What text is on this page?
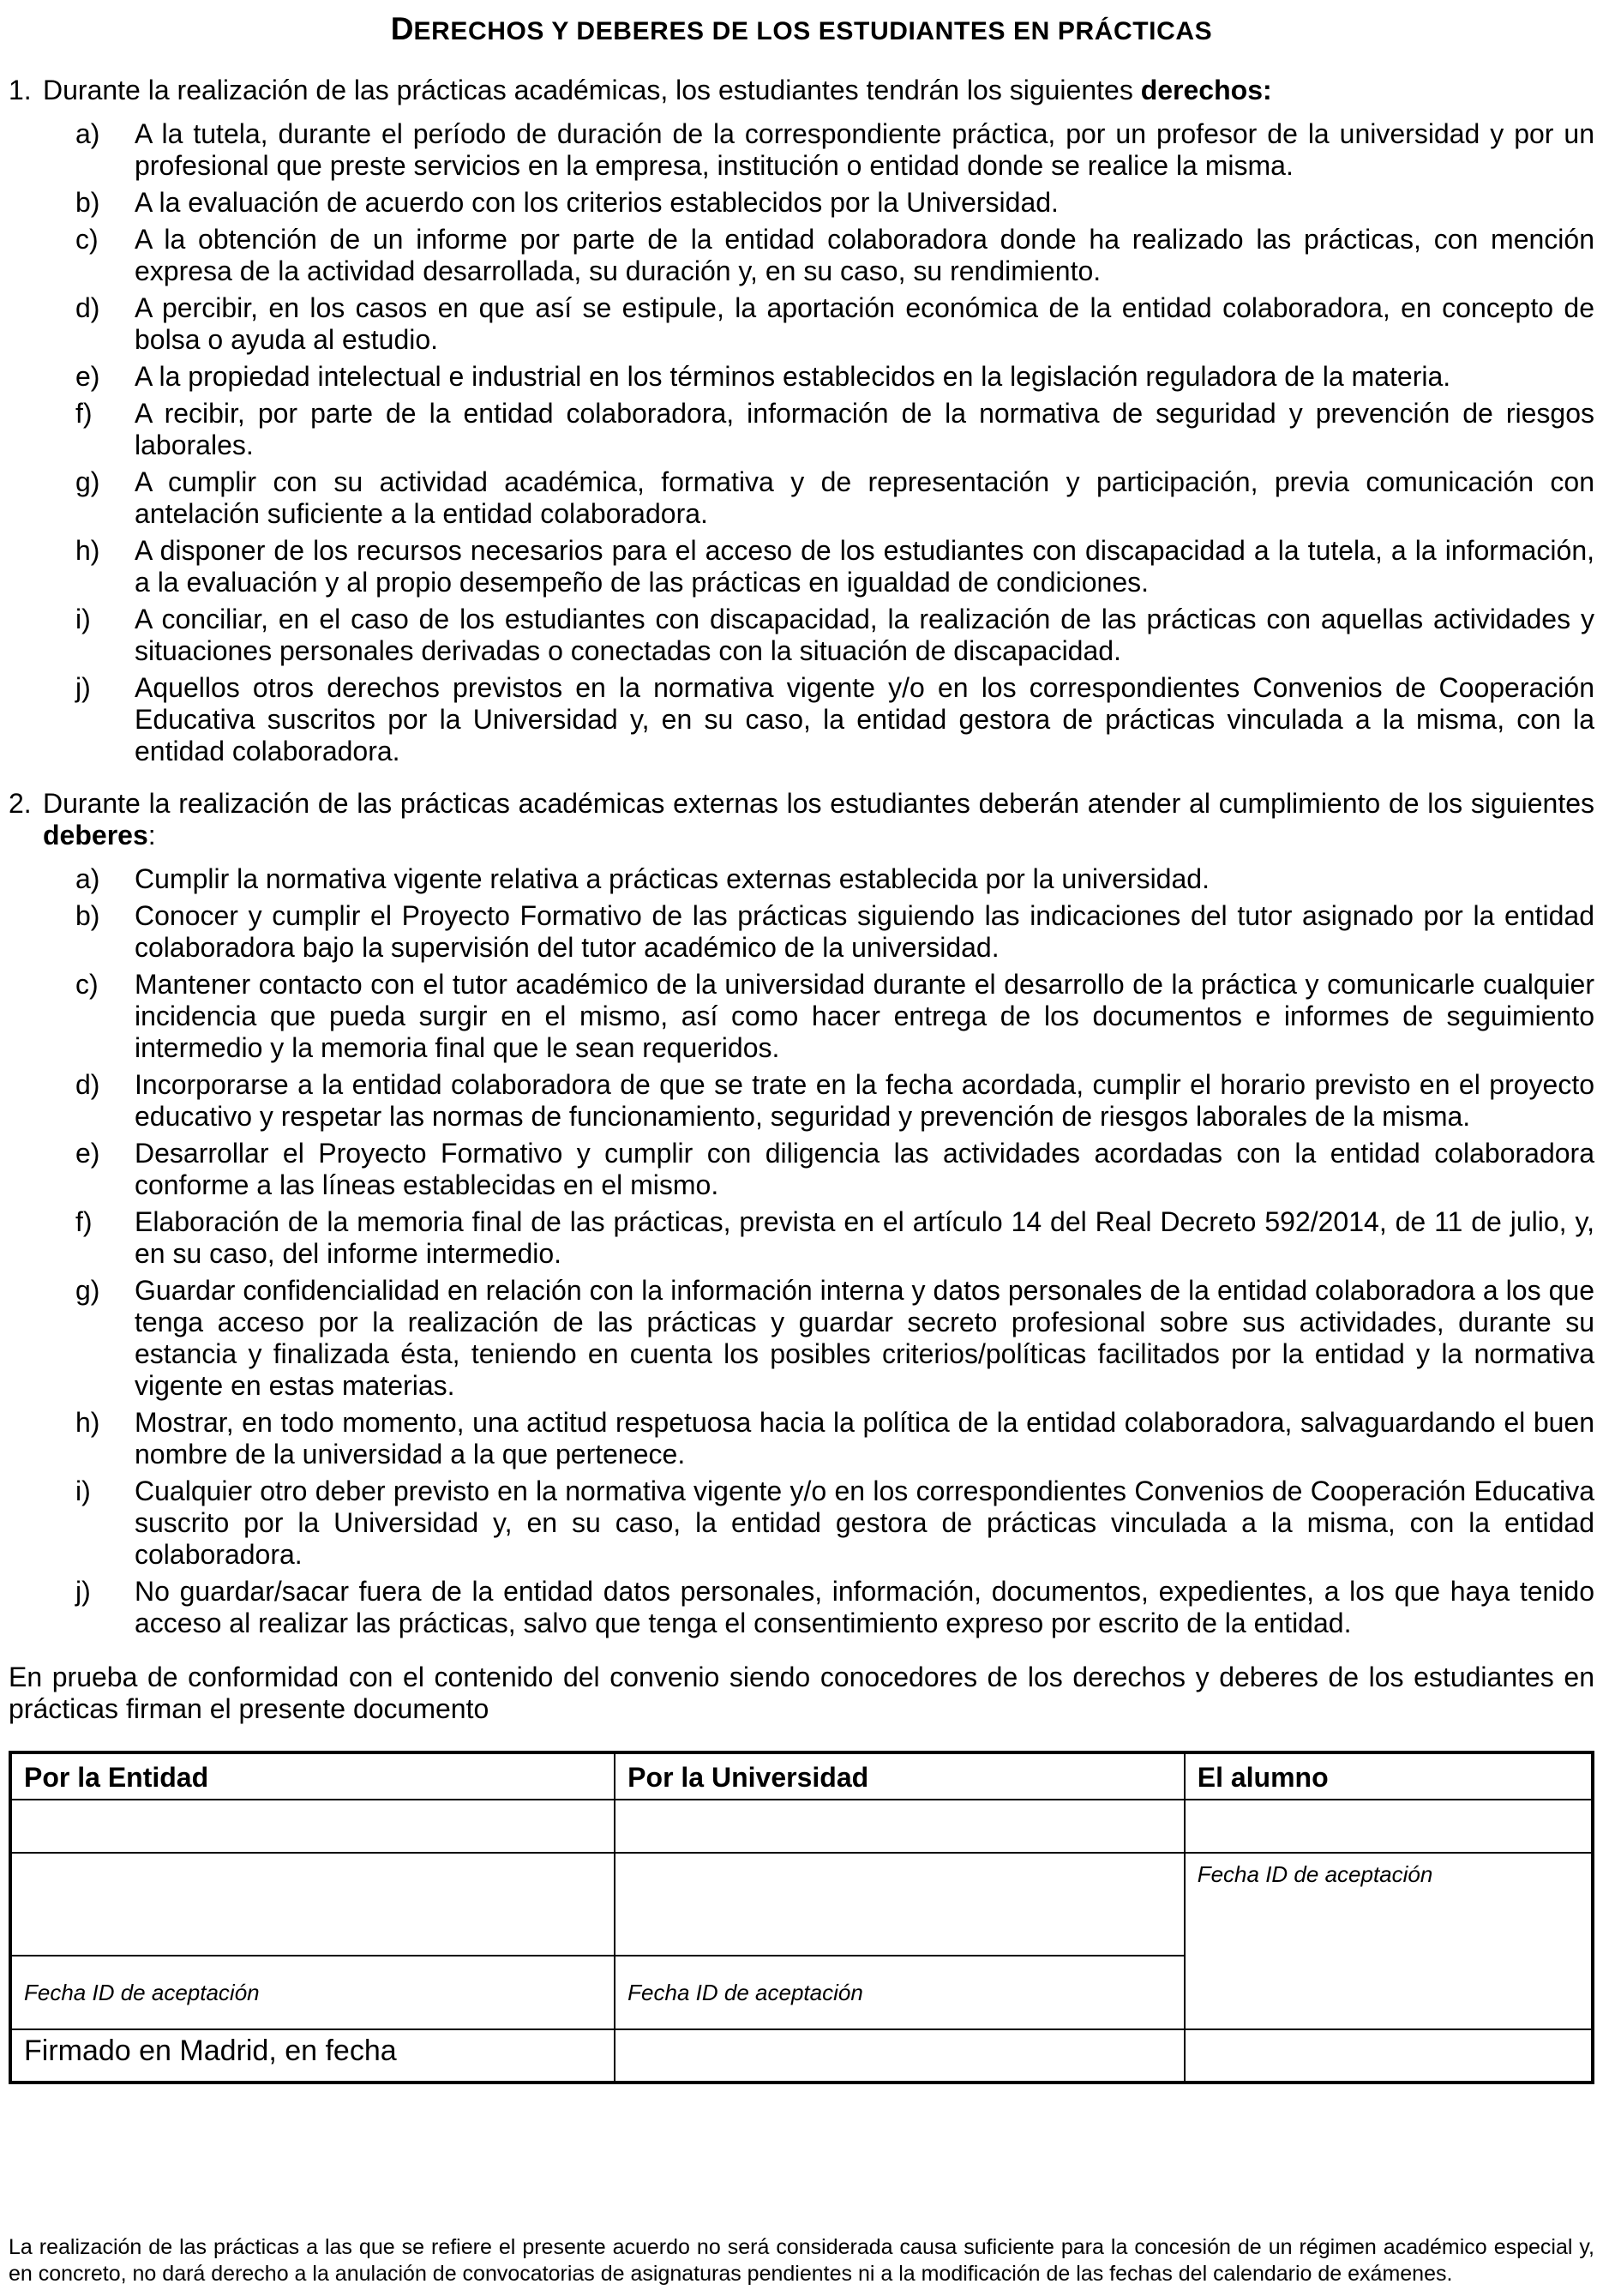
DERECHOS Y DEBERES DE LOS ESTUDIANTES EN PRÁCTICAS
1. Durante la realización de las prácticas académicas, los estudiantes tendrán los siguientes derechos:
a)	A la tutela, durante el período de duración de la correspondiente práctica, por un profesor de la universidad y por un profesional que preste servicios en la empresa, institución o entidad donde se realice la misma.
b)	A la evaluación de acuerdo con los criterios establecidos por la Universidad.
c)	A la obtención de un informe por parte de la entidad colaboradora donde ha realizado las prácticas, con mención expresa de la actividad desarrollada, su duración y, en su caso, su rendimiento.
d)	A percibir, en los casos en que así se estipule, la aportación económica de la entidad colaboradora, en concepto de bolsa o ayuda al estudio.
e)	A la propiedad intelectual e industrial en los términos establecidos en la legislación reguladora de la materia.
f)	A recibir, por parte de la entidad colaboradora, información de la normativa de seguridad y prevención de riesgos laborales.
g)	A cumplir con su actividad académica, formativa y de representación y participación, previa comunicación con antelación suficiente a la entidad colaboradora.
h)	A disponer de los recursos necesarios para el acceso de los estudiantes con discapacidad a la tutela, a la información, a la evaluación y al propio desempeño de las prácticas en igualdad de condiciones.
i)	A conciliar, en el caso de los estudiantes con discapacidad, la realización de las prácticas con aquellas actividades y situaciones personales derivadas o conectadas con la situación de discapacidad.
j)	Aquellos otros derechos previstos en la normativa vigente y/o en los correspondientes Convenios de Cooperación Educativa suscritos por la Universidad y, en su caso, la entidad gestora de prácticas vinculada a la misma, con la entidad colaboradora.
2. Durante la realización de las prácticas académicas externas los estudiantes deberán atender al cumplimiento de los siguientes deberes:
a)	Cumplir la normativa vigente relativa a prácticas externas establecida por la universidad.
b)	Conocer y cumplir el Proyecto Formativo de las prácticas siguiendo las indicaciones del tutor asignado por la entidad colaboradora bajo la supervisión del tutor académico de la universidad.
c)	Mantener contacto con el tutor académico de la universidad durante el desarrollo de la práctica y comunicarle cualquier incidencia que pueda surgir en el mismo, así como hacer entrega de los documentos e informes de seguimiento intermedio y la memoria final que le sean requeridos.
d)	Incorporarse a la entidad colaboradora de que se trate en la fecha acordada, cumplir el horario previsto en el proyecto educativo y respetar las normas de funcionamiento, seguridad y prevención de riesgos laborales de la misma.
e)	Desarrollar el Proyecto Formativo y cumplir con diligencia las actividades acordadas con la entidad colaboradora conforme a las líneas establecidas en el mismo.
f)	Elaboración de la memoria final de las prácticas, prevista en el artículo 14 del Real Decreto 592/2014, de 11 de julio, y, en su caso, del informe intermedio.
g)	Guardar confidencialidad en relación con la información interna y datos personales de la entidad colaboradora a los que tenga acceso por la realización de las prácticas y guardar secreto profesional sobre sus actividades, durante su estancia y finalizada ésta, teniendo en cuenta los posibles criterios/políticas facilitados por la entidad y la normativa vigente en estas materias.
h)	Mostrar, en todo momento, una actitud respetuosa hacia la política de la entidad colaboradora, salvaguardando el buen nombre de la universidad a la que pertenece.
i)	Cualquier otro deber previsto en la normativa vigente y/o en los correspondientes Convenios de Cooperación Educativa suscrito por la Universidad y, en su caso, la entidad gestora de prácticas vinculada a la misma, con la entidad colaboradora.
j)	No guardar/sacar fuera de la entidad datos personales, información, documentos, expedientes, a los que haya tenido acceso al realizar las prácticas, salvo que tenga el consentimiento expreso por escrito de la entidad.
En prueba de conformidad con el contenido del convenio siendo conocedores de los derechos y deberes de los estudiantes en prácticas firman el presente documento
Por la Entidad	Por la Universidad	El alumno

		Fecha ID de aceptación
Fecha ID de aceptación	Fecha ID de aceptación	
Firmado en Madrid, en fecha		
La realización de las prácticas a las que se refiere el presente acuerdo no será considerada causa suficiente para la concesión de un régimen académico especial y, en concreto, no dará derecho a la anulación de convocatorias de asignaturas pendientes ni a la modificación de las fechas del calendario de exámenes.
